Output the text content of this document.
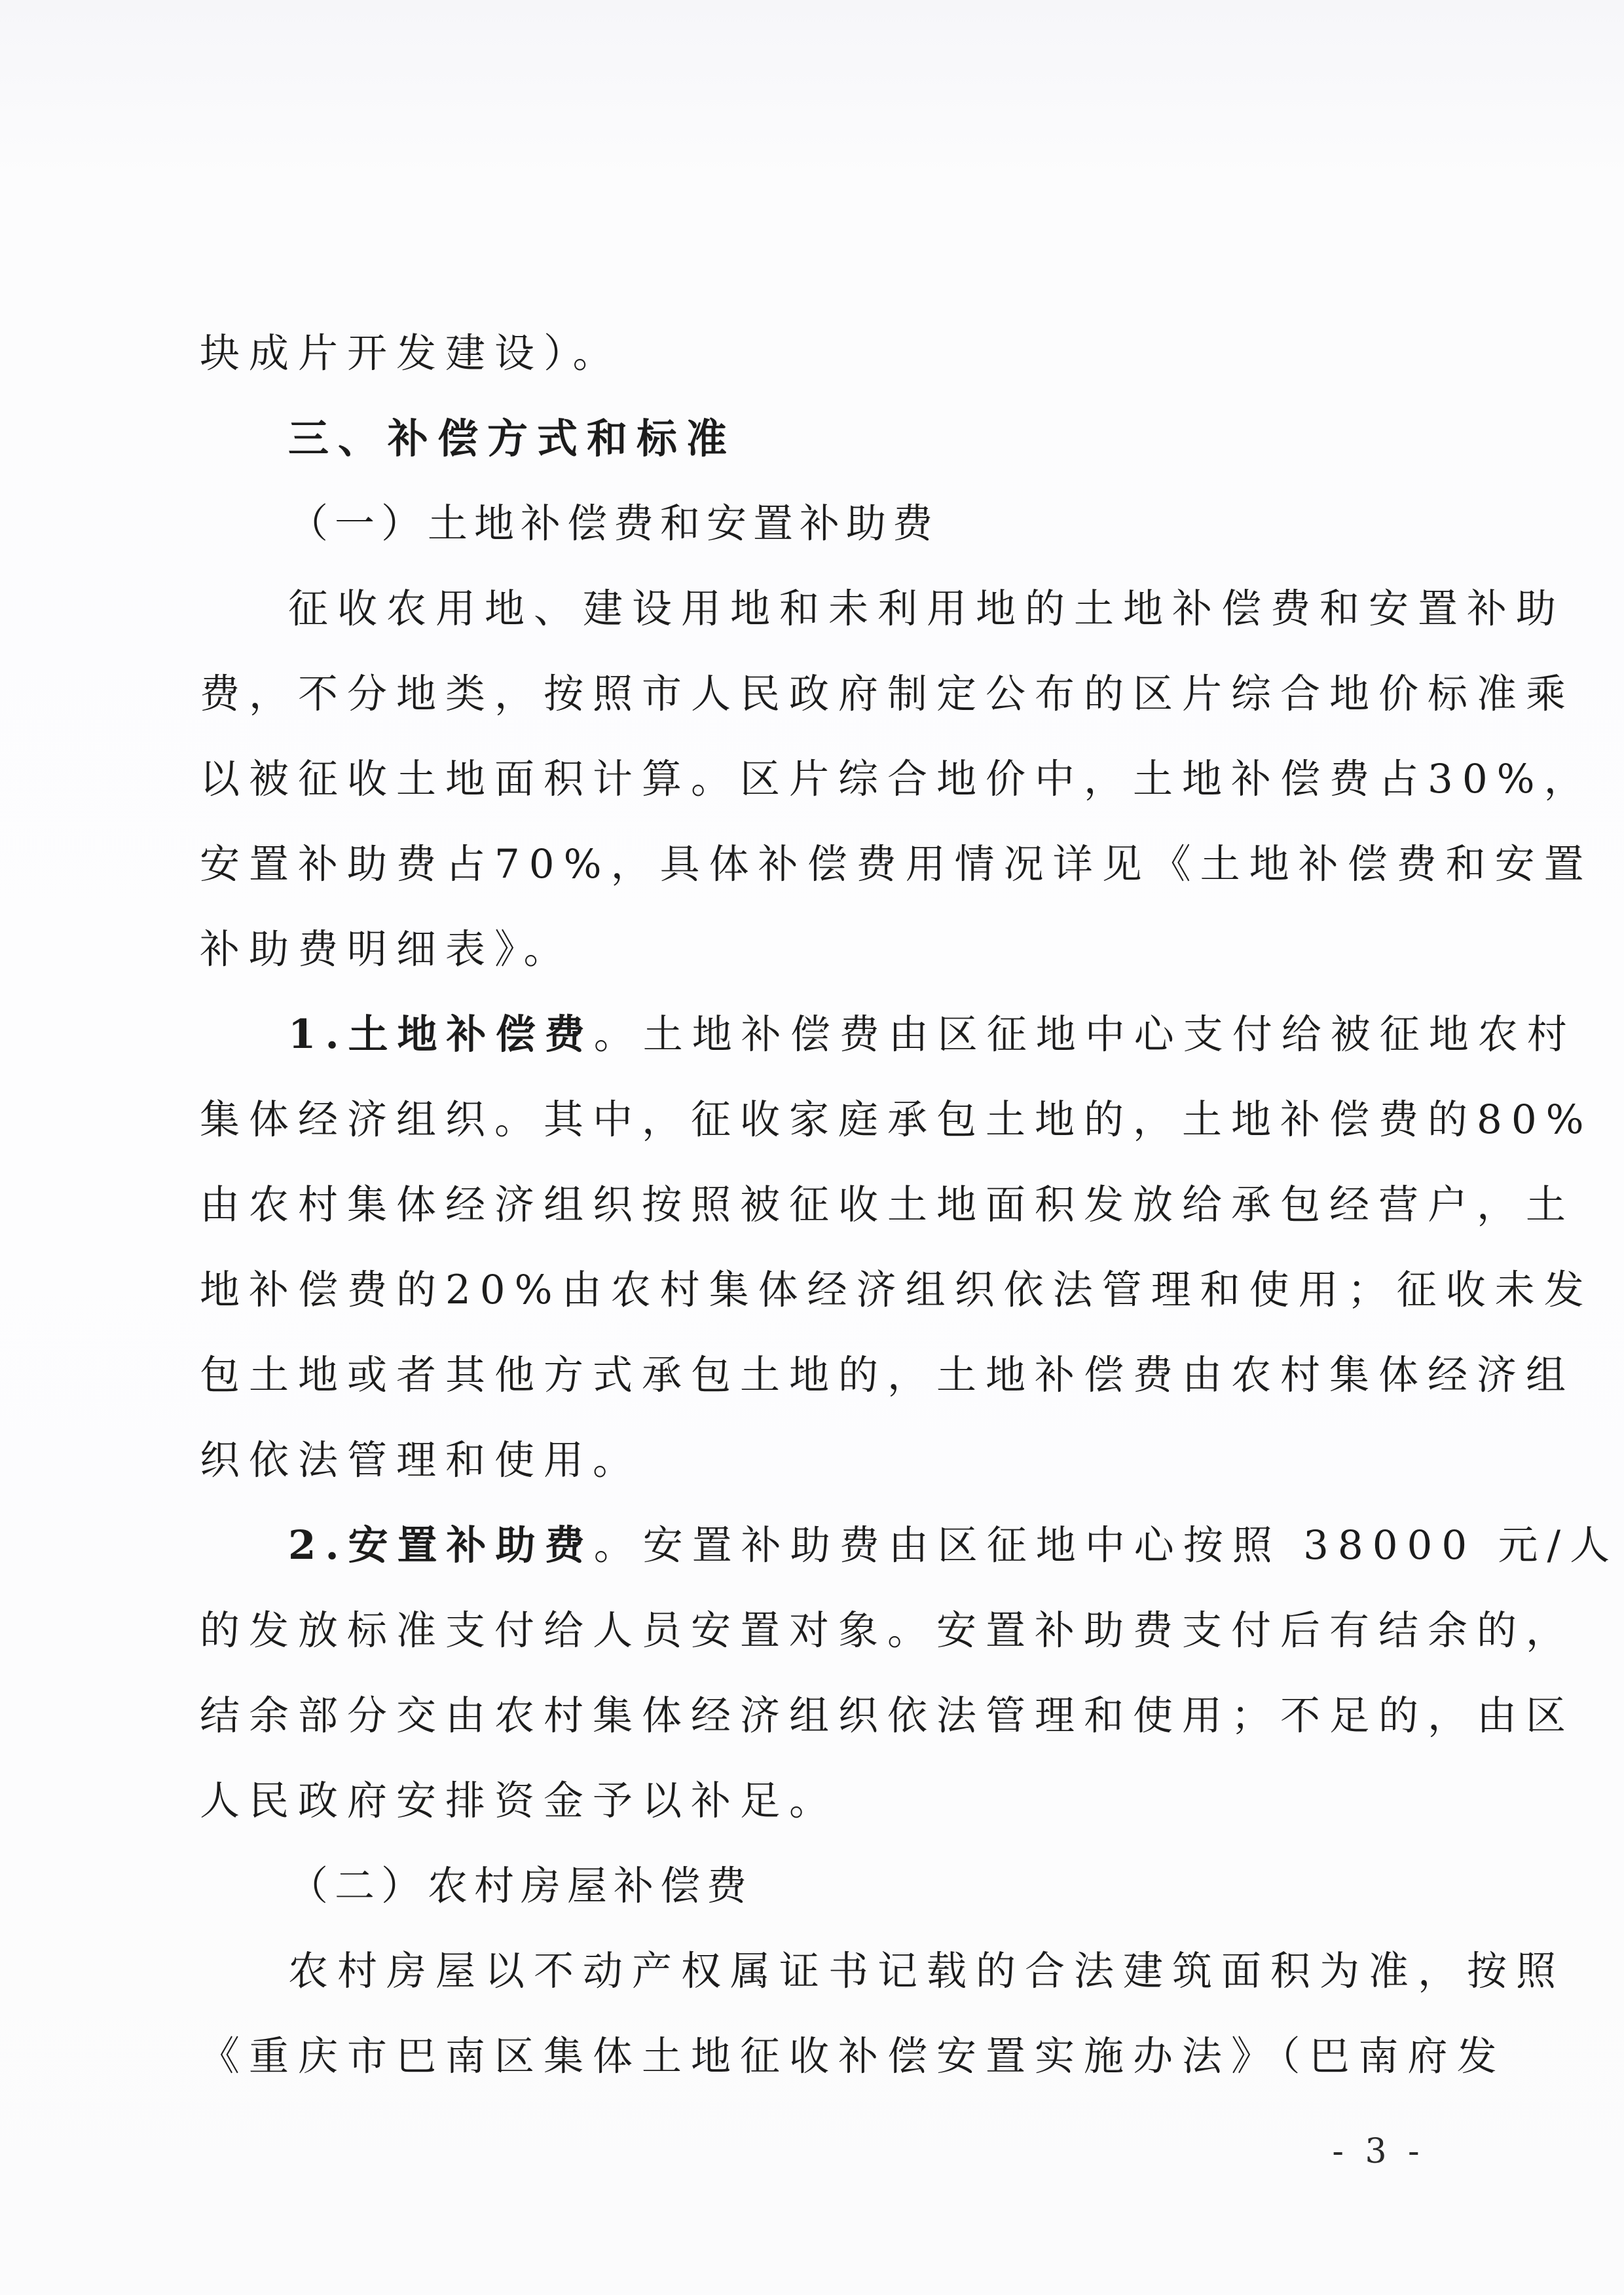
块成片开发建设）。
三、补偿方式和标准
（一）土地补偿费和安置补助费
征收农用地、建设用地和未利用地的土地补偿费和安置补助
费，不分地类，按照市人民政府制定公布的区片综合地价标准乘
以被征收土地面积计算。区片综合地价中，土地补偿费占30%，
安置补助费占70%，具体补偿费用情况详见《土地补偿费和安置
补助费明细表》。
1.土地补偿费。土地补偿费由区征地中心支付给被征地农村
集体经济组织。其中，征收家庭承包土地的，土地补偿费的80%
由农村集体经济组织按照被征收土地面积发放给承包经营户，土
地补偿费的20%由农村集体经济组织依法管理和使用；征收未发
包土地或者其他方式承包土地的，土地补偿费由农村集体经济组
织依法管理和使用。
2.安置补助费。安置补助费由区征地中心按照 38000 元/人
的发放标准支付给人员安置对象。安置补助费支付后有结余的，
结余部分交由农村集体经济组织依法管理和使用；不足的，由区
人民政府安排资金予以补足。
（二）农村房屋补偿费
农村房屋以不动产权属证书记载的合法建筑面积为准，按照
《重庆市巴南区集体土地征收补偿安置实施办法》（巴南府发
- 3 -
